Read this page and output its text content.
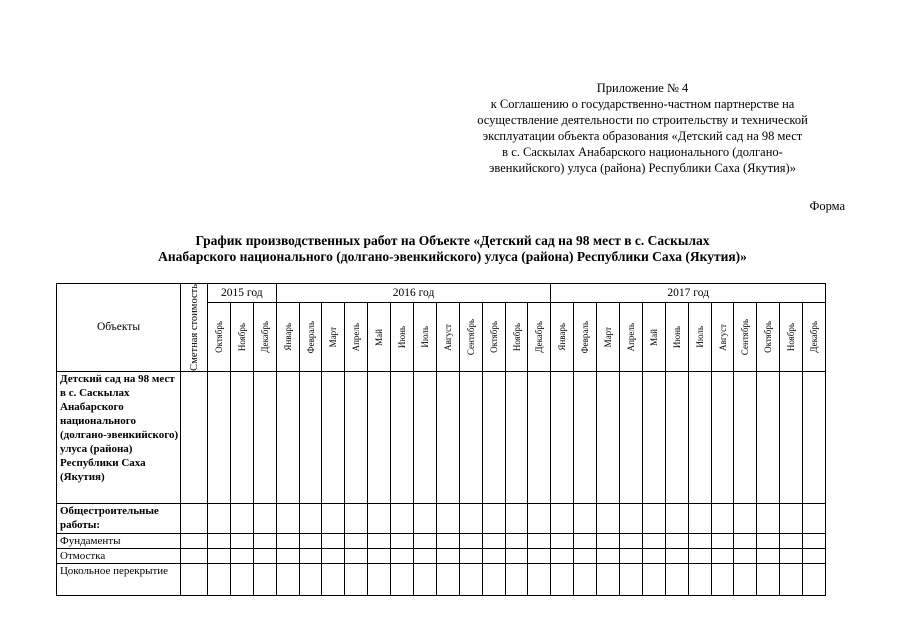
Приложение № 4
к Соглашению о государственно-частном партнерстве на
осуществление деятельности по строительству и технической
эксплуатации объекта образования «Детский сад на 98 мест
в с. Саскылах Анабарского национального (долгано-
эвенкийского) улуса (района) Республики Саха (Якутия)»
Форма
График производственных работ на Объекте «Детский сад на 98 мест в с. Саскылах
Анабарского национального (долгано-эвенкийского) улуса (района) Республики Саха (Якутия)»
Объекты	Сметная стоимость	2015 год			2016 год												2017 год											

		Октябрь	Ноябрь	Декабрь	Январь	Февраль	Март	Апрель	Май	Июнь	Июль	Август	Сентябрь	Октябрь	Ноябрь	Декабрь	Январь	Февраль	Март	Апрель	Май	Июнь	Июль	Август	Сентябрь	Октябрь	Ноябрь	Декабрь

Детский сад на 98 мест в с. Саскылах Анабарского национального (долгано-эвенкийского) улуса (района) Республики Саха (Якутия)																												
Общестроительные работы:																												
Фундаменты																												
Отмостка																												
Цокольное перекрытие																												
